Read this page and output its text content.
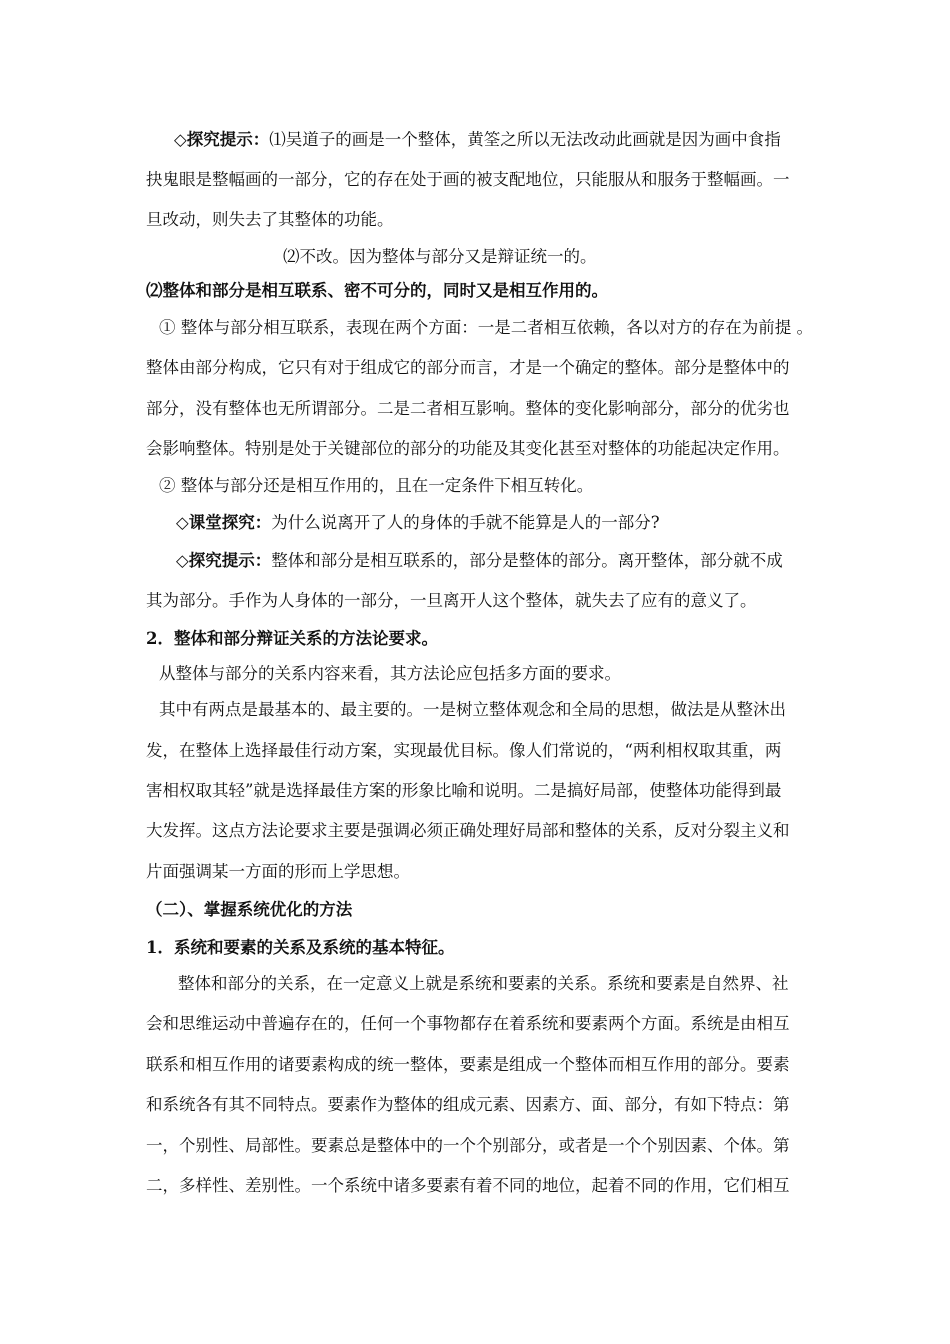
◇探究提示：⑴吴道子的画是一个整体，黄筌之所以无法改动此画就是因为画中食指
抉鬼眼是整幅画的一部分，它的存在处于画的被支配地位，只能服从和服务于整幅画。一
旦改动，则失去了其整体的功能。
⑵不改。因为整体与部分又是辩证统一的。
⑵整体和部分是相互联系、密不可分的，同时又是相互作用的。
① 整体与部分相互联系，表现在两个方面：一是二者相互依赖，各以对方的存在为前提 。
整体由部分构成，它只有对于组成它的部分而言，才是一个确定的整体。部分是整体中的
部分，没有整体也无所谓部分。二是二者相互影响。整体的变化影响部分，部分的优劣也
会影响整体。特别是处于关键部位的部分的功能及其变化甚至对整体的功能起决定作用。
② 整体与部分还是相互作用的，且在一定条件下相互转化。
◇课堂探究：为什么说离开了人的身体的手就不能算是人的一部分?
◇探究提示：整体和部分是相互联系的，部分是整体的部分。离开整体，部分就不成
其为部分。手作为人身体的一部分，一旦离开人这个整体，就失去了应有的意义了。
2．整体和部分辩证关系的方法论要求。
从整体与部分的关系内容来看，其方法论应包括多方面的要求。
其中有两点是最基本的、最主要的。一是树立整体观念和全局的思想，做法是从整沐出
发，在整体上选择最佳行动方案，实现最优目标。像人们常说的，“两利相权取其重，两
害相权取其轻”就是选择最佳方案的形象比喻和说明。二是搞好局部，使整体功能得到最
大发挥。这点方法论要求主要是强调必须正确处理好局部和整体的关系，反对分裂主义和
片面强调某一方面的形而上学思想。
（二）、掌握系统优化的方法
1．系统和要素的关系及系统的基本特征。
整体和部分的关系，在一定意义上就是系统和要素的关系。系统和要素是自然界、社
会和思维运动中普遍存在的，任何一个事物都存在着系统和要素两个方面。系统是由相互
联系和相互作用的诸要素构成的统一整体，要素是组成一个整体而相互作用的部分。要素
和系统各有其不同特点。要素作为整体的组成元素、因素方、面、部分，有如下特点：第
一，个别性、局部性。要素总是整体中的一个个别部分，或者是一个个别因素、个体。第
二，多样性、差别性。一个系统中诸多要素有着不同的地位，起着不同的作用，它们相互
